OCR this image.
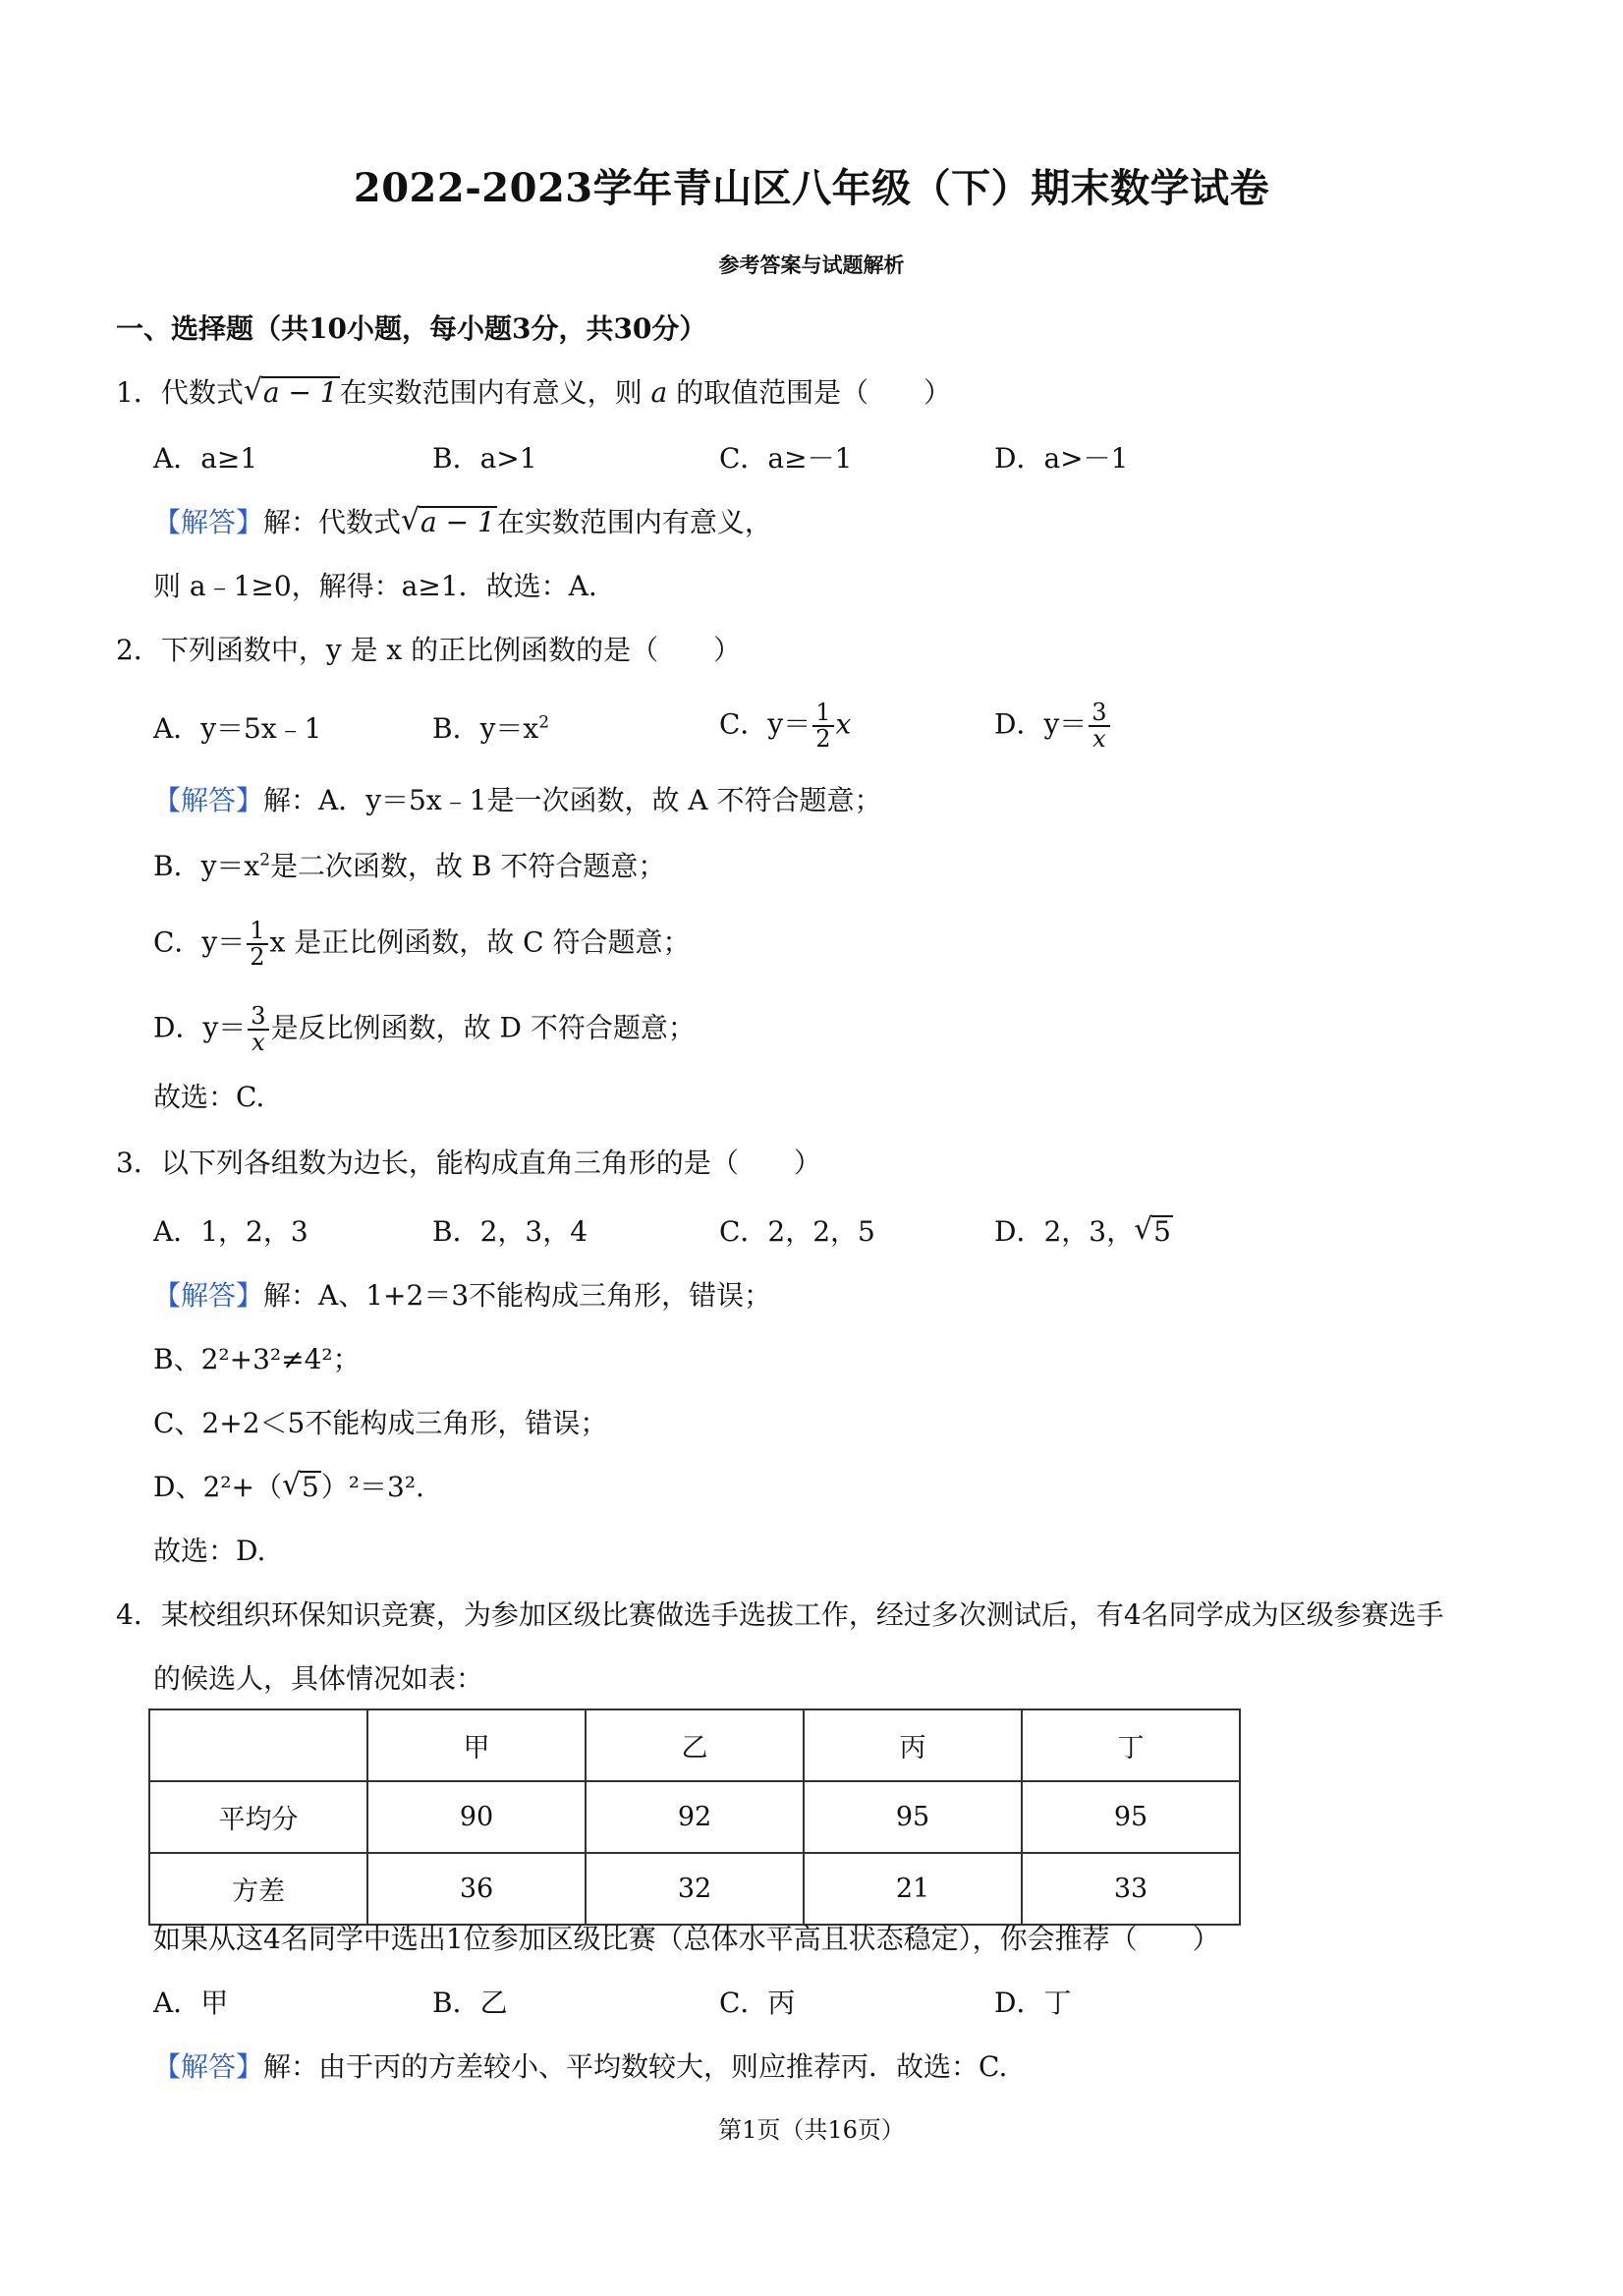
2022-2023学年青山区八年级（下）期末数学试卷
参考答案与试题解析
一、选择题（共10小题，每小题3分，共30分）
1．代数式 √ a − 1在实数范围内有意义，则 a 的取值范围是（　　）
A．a≥1	B．a>1	C．a≥－1	D．a>－1
【解答】解：代数式 √ a − 1在实数范围内有意义，
则 a﹣1≥0，解得：a≥1．故选：A.
2．下列函数中，y 是 x 的正比例函数的是（　　）
A．y＝5x﹣1	B．$y=x^2$	C．$y= \frac{1}{2}$ x	D．$y= \frac{3}{x}$
【解答】解：A．y＝5x﹣1是一次函数，故 A 不符合题意；
B．$y=x^2$是二次函数，故 B 不符合题意；
C．$y= \frac{1}{2}$ x 是正比例函数，故 C 符合题意；
D．$y= \frac{3}{x}$ 是反比例函数，故 D 不符合题意；
故选：C.
3．以下列各组数为边长，能构成直角三角形的是（　　）
A．1，2，3	B．2，3，4	C．2，2，5	D．2，3， √ 5
【解答】解：A、1+2＝3不能构成三角形，错误；
B、2²+3²≠4²；
C、2+2＜5不能构成三角形，错误；
D、2²+（ √ 5）²＝3².
故选：D.
4．某校组织环保知识竞赛，为参加区级比赛做选手选拔工作，经过多次测试后，有4名同学成为区级参赛选手
的候选人，具体情况如表：
	甲	乙	丙	丁
平均分	90	92	95	95
方差	36	32	21	33
如果从这4名同学中选出1位参加区级比赛（总体水平高且状态稳定），你会推荐（　　）
A．甲	B．乙	C．丙	D．丁
【解答】解：由于丙的方差较小、平均数较大，则应推荐丙．故选：C.
第1页（共16页）
